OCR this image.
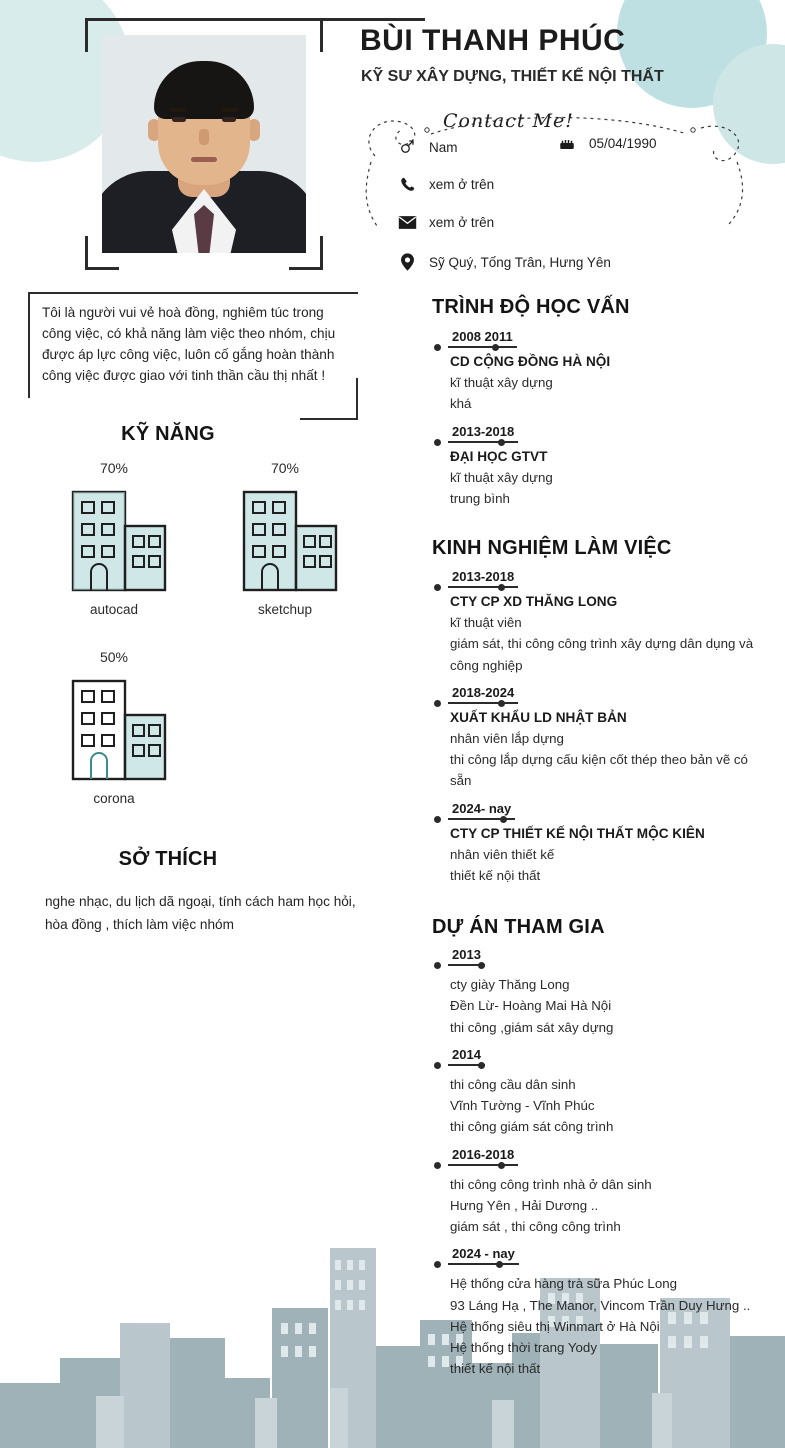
BÙI THANH PHÚC
KỸ SƯ XÂY DỰNG, THIẾT KẾ NỘI THẤT
Contact Me!
Nam	05/04/1990
xem ở trên
xem ở trên
Sỹ Quý, Tống Trân, Hưng Yên
Tôi là người vui vẻ hoà đồng, nghiêm túc trong công việc, có khả năng làm việc theo nhóm, chịu được áp lực công việc, luôn cố gắng hoàn thành công việc được giao với tinh thần cầu thị nhất !
KỸ NĂNG
70%
autocad
70%
sketchup
50%
corona
SỞ THÍCH
nghe nhạc, du lịch dã ngoại, tính cách ham học hỏi, hòa đồng , thích làm việc nhóm
TRÌNH ĐỘ HỌC VẤN
2008 2011
CD CỘNG ĐỒNG HÀ NỘI
kĩ thuật xây dựng
khá
2013-2018
ĐẠI HỌC GTVT
kĩ thuật xây dựng
trung bình
KINH NGHIỆM LÀM VIỆC
2013-2018
CTY CP XD THĂNG LONG
kĩ thuật viên
giám sát, thi công công trình xây dựng dân dụng và công nghiệp
2018-2024
XUẤT KHẨU LD NHẬT BẢN
nhân viên lắp dựng
thi công lắp dựng cấu kiện cốt thép theo bản vẽ có sẵn
2024- nay
CTY CP THIẾT KẾ NỘI THẤT MỘC KIÊN
nhân viên thiết kế
thiết kế nội thất
DỰ ÁN THAM GIA
2013
cty giày Thăng Long
Đền Lừ- Hoàng Mai Hà Nội
thi công ,giám sát xây dựng
2014
thi công cầu dân sinh
Vĩnh Tường - Vĩnh Phúc
thi công giám sát công trình
2016-2018
thi công công trình nhà ở dân sinh
Hưng Yên , Hải Dương ..
giám sát , thi công công trình
2024 - nay
Hệ thống cửa hàng trà sữa Phúc Long
93 Láng Hạ , The Manor, Vincom Trần Duy Hưng ..
Hệ thống siêu thị Winmart ở Hà Nội
Hệ thống thời trang Yody
thiết kế nội thất
